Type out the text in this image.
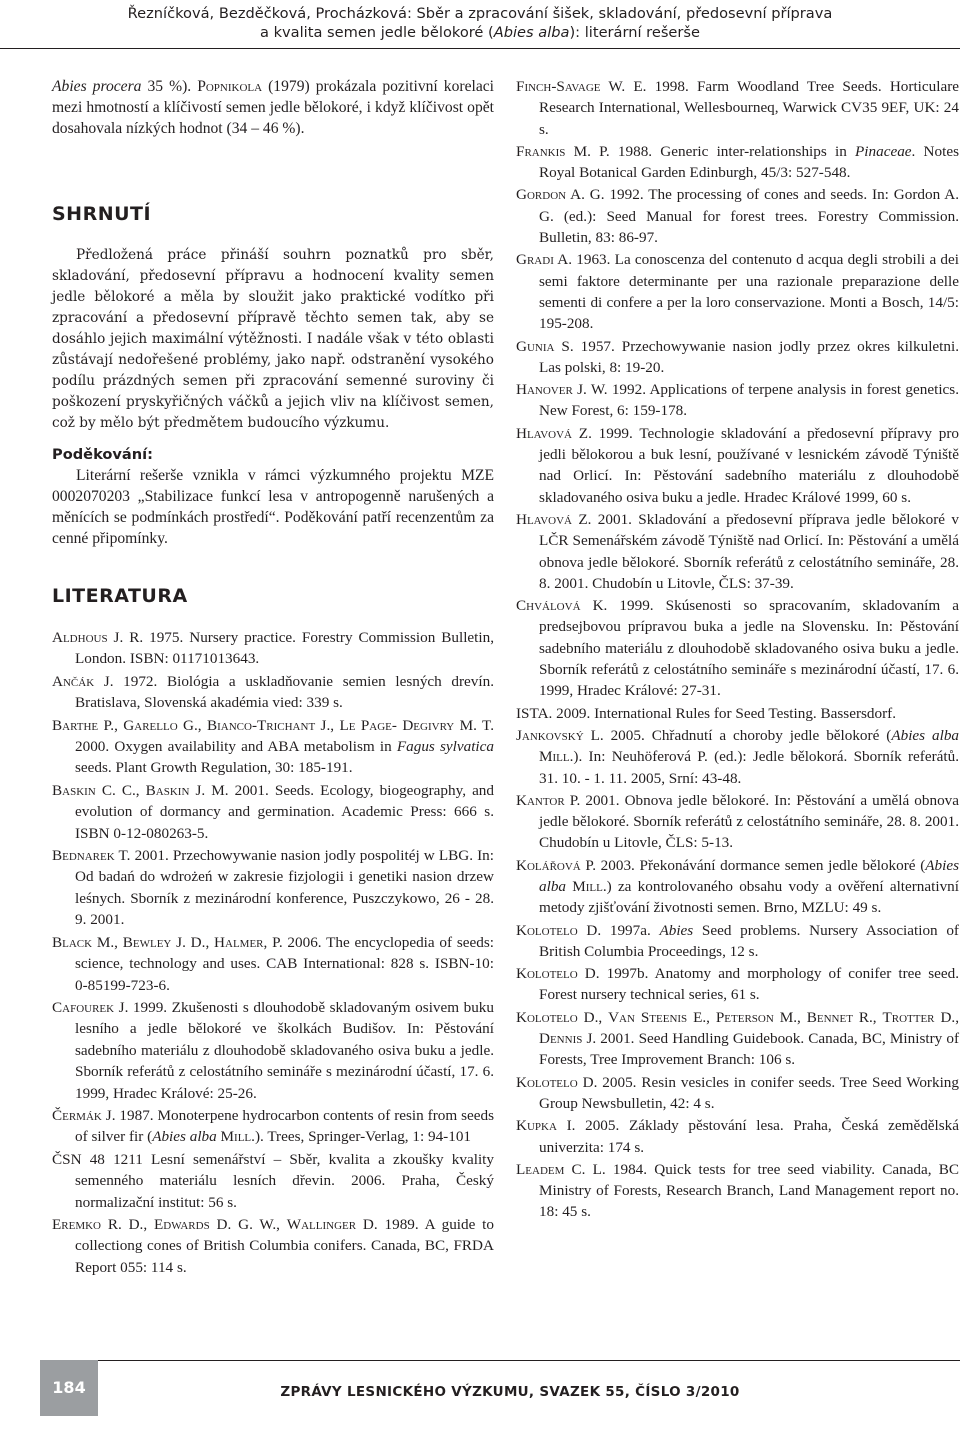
Řezníčková, Bezděčková, Procházková: Sběr a zpracování šišek, skladování, předosevní příprava
a kvalita semen jedle bělokoré (Abies alba): literární rešerše

Abies procera 35 %). Popnikola (1979) prokázala pozitivní korelaci mezi hmotností a klíčivostí semen jedle bělokoré, i když klíčivost opět dosahovala nízkých hodnot (34 – 46 %).

SHRNUTÍ

Předložená práce přináší souhrn poznatků pro sběr, skladování, předosevní přípravu a hodnocení kvality semen jedle bělokoré a měla by sloužit jako praktické vodítko při zpracování a předosevní přípravě těchto semen tak, aby se dosáhlo jejich maximální výtěžnosti. I nadále však v této oblasti zůstávají nedořešené problémy, jako např. odstranění vysokého podílu prázdných semen při zpracování semenné suroviny či poškození pryskyřičných váčků a jejich vliv na klíčivost semen, což by mělo být předmětem budoucího výzkumu.

Poděkování:

Literární rešerše vznikla v rámci výzkumného projektu MZE 0002070203 „Stabilizace funkcí lesa v antropogenně narušených a měnících se podmínkách prostředí“. Poděkování patří recenzentům za cenné připomínky.

LITERATURA

Aldhous J. R. 1975. Nursery practice. Forestry Commission Bulletin, London. ISBN: 01171013643.

Ančák J. 1972. Biológia a uskladňovanie semien lesných drevín. Bratislava, Slovenská akadémia vied: 339 s.

Barthe P., Garello G., Bianco-Trichant J., Le Page- Degivry M. T. 2000. Oxygen availability and ABA metabolism in Fagus sylvatica seeds. Plant Growth Regulation, 30: 185-191.

Baskin C. C., Baskin J. M. 2001. Seeds. Ecology, biogeography, and evolution of dormancy and germination. Academic Press: 666 s. ISBN 0-12-080263-5.

Bednarek T. 2001. Przechowywanie nasion jodly pospolitéj w LBG. In: Od badań do wdrożeń w zakresie fizjologii i genetiki nasion drzew leśnych. Sborník z mezinárodní konference, Puszczykowo, 26 - 28. 9. 2001.

Black M., Bewley J. D., Halmer, P. 2006. The encyclopedia of seeds: science, technology and uses. CAB International: 828 s. ISBN-10: 0-85199-723-6.

Cafourek J. 1999. Zkušenosti s dlouhodobě skladovaným osivem buku lesního a jedle bělokoré ve školkách Budišov. In: Pěstování sadebního materiálu z dlouhodobě skladovaného osiva buku a jedle. Sborník referátů z celostátního semináře s mezinárodní účastí, 17. 6. 1999, Hradec Králové: 25-26.

Čermák J. 1987. Monoterpene hydrocarbon contents of resin from seeds of silver fir (Abies alba Mill.). Trees, Springer-Verlag, 1: 94-101

ČSN 48 1211 Lesní semenářství – Sběr, kvalita a zkoušky kvality semenného materiálu lesních dřevin. 2006. Praha, Český normalizační institut: 56 s.

Eremko R. D., Edwards D. G. W., Wallinger D. 1989. A guide to collectiong cones of British Columbia conifers. Canada, BC, FRDA Report 055: 114 s.

Finch-Savage W. E. 1998. Farm Woodland Tree Seeds. Horticulare Research International, Wellesbourneq, Warwick CV35 9EF, UK: 24 s.

Frankis M. P. 1988. Generic inter-relationships in Pinaceae. Notes Royal Botanical Garden Edinburgh, 45/3: 527-548.

Gordon A. G. 1992. The processing of cones and seeds. In: Gordon A. G. (ed.): Seed Manual for forest trees. Forestry Commission. Bulletin, 83: 86-97.

Gradi A. 1963. La conoscenza del contenuto d acqua degli strobili a dei semi faktore determinante per una razionale preparazione delle sementi di confere a per la loro conservazione. Monti a Bosch, 14/5: 195-208.

Gunia S. 1957. Przechowywanie nasion jodly przez okres kilkuletni. Las polski, 8: 19-20.

Hanover J. W. 1992. Applications of terpene analysis in forest genetics. New Forest, 6: 159-178.

Hlavová Z. 1999. Technologie skladování a předosevní přípravy pro jedli bělokorou a buk lesní, používané v lesnickém závodě Týniště nad Orlicí. In: Pěstování sadebního materiálu z dlouhodobě skladovaného osiva buku a jedle. Hradec Králové 1999, 60 s.

Hlavová Z. 2001. Skladování a předosevní příprava jedle bělokoré v LČR Semenářském závodě Týniště nad Orlicí. In: Pěstování a umělá obnova jedle bělokoré. Sborník referátů z celostátního semináře, 28. 8. 2001. Chudobín u Litovle, ČLS: 37-39.

Chválová K. 1999. Skúsenosti so spracovaním, skladovaním a predsejbovou prípravou buka a jedle na Slovensku. In: Pěstování sadebního materiálu z dlouhodobě skladovaného osiva buku a jedle. Sborník referátů z celostátního semináře s mezinárodní účastí, 17. 6. 1999, Hradec Králové: 27-31.

ISTA. 2009. International Rules for Seed Testing. Bassersdorf.

Jankovský L. 2005. Chřadnutí a choroby jedle bělokoré (Abies alba Mill.). In: Neuhöferová P. (ed.): Jedle bělokorá. Sborník referátů. 31. 10. - 1. 11. 2005, Srní: 43-48.

Kantor P. 2001. Obnova jedle bělokoré. In: Pěstování a umělá obnova jedle bělokoré. Sborník referátů z celostátního semináře, 28. 8. 2001. Chudobín u Litovle, ČLS: 5-13.

Kolářová P. 2003. Překonávání dormance semen jedle bělokoré (Abies alba Mill.) za kontrolovaného obsahu vody a ověření alternativní metody zjišťování životnosti semen. Brno, MZLU: 49 s.

Kolotelo D. 1997a. Abies Seed problems. Nursery Association of British Columbia Proceedings, 12 s.

Kolotelo D. 1997b. Anatomy and morphology of conifer tree seed. Forest nursery technical series, 61 s.

Kolotelo D., Van Steenis E., Peterson M., Bennet R., Trotter D., Dennis J. 2001. Seed Handling Guidebook. Canada, BC, Ministry of Forests, Tree Improvement Branch: 106 s.

Kolotelo D. 2005. Resin vesicles in conifer seeds. Tree Seed Working Group Newsbulletin, 42: 4 s.

Kupka I. 2005. Základy pěstování lesa. Praha, Česká zemědělská univerzita: 174 s.

Leadem C. L. 1984. Quick tests for tree seed viability. Canada, BC Ministry of Forests, Research Branch, Land Management report no. 18: 45 s.

184	ZPRÁVY LESNICKÉHO VÝZKUMU, SVAZEK 55, ČÍSLO 3/2010
